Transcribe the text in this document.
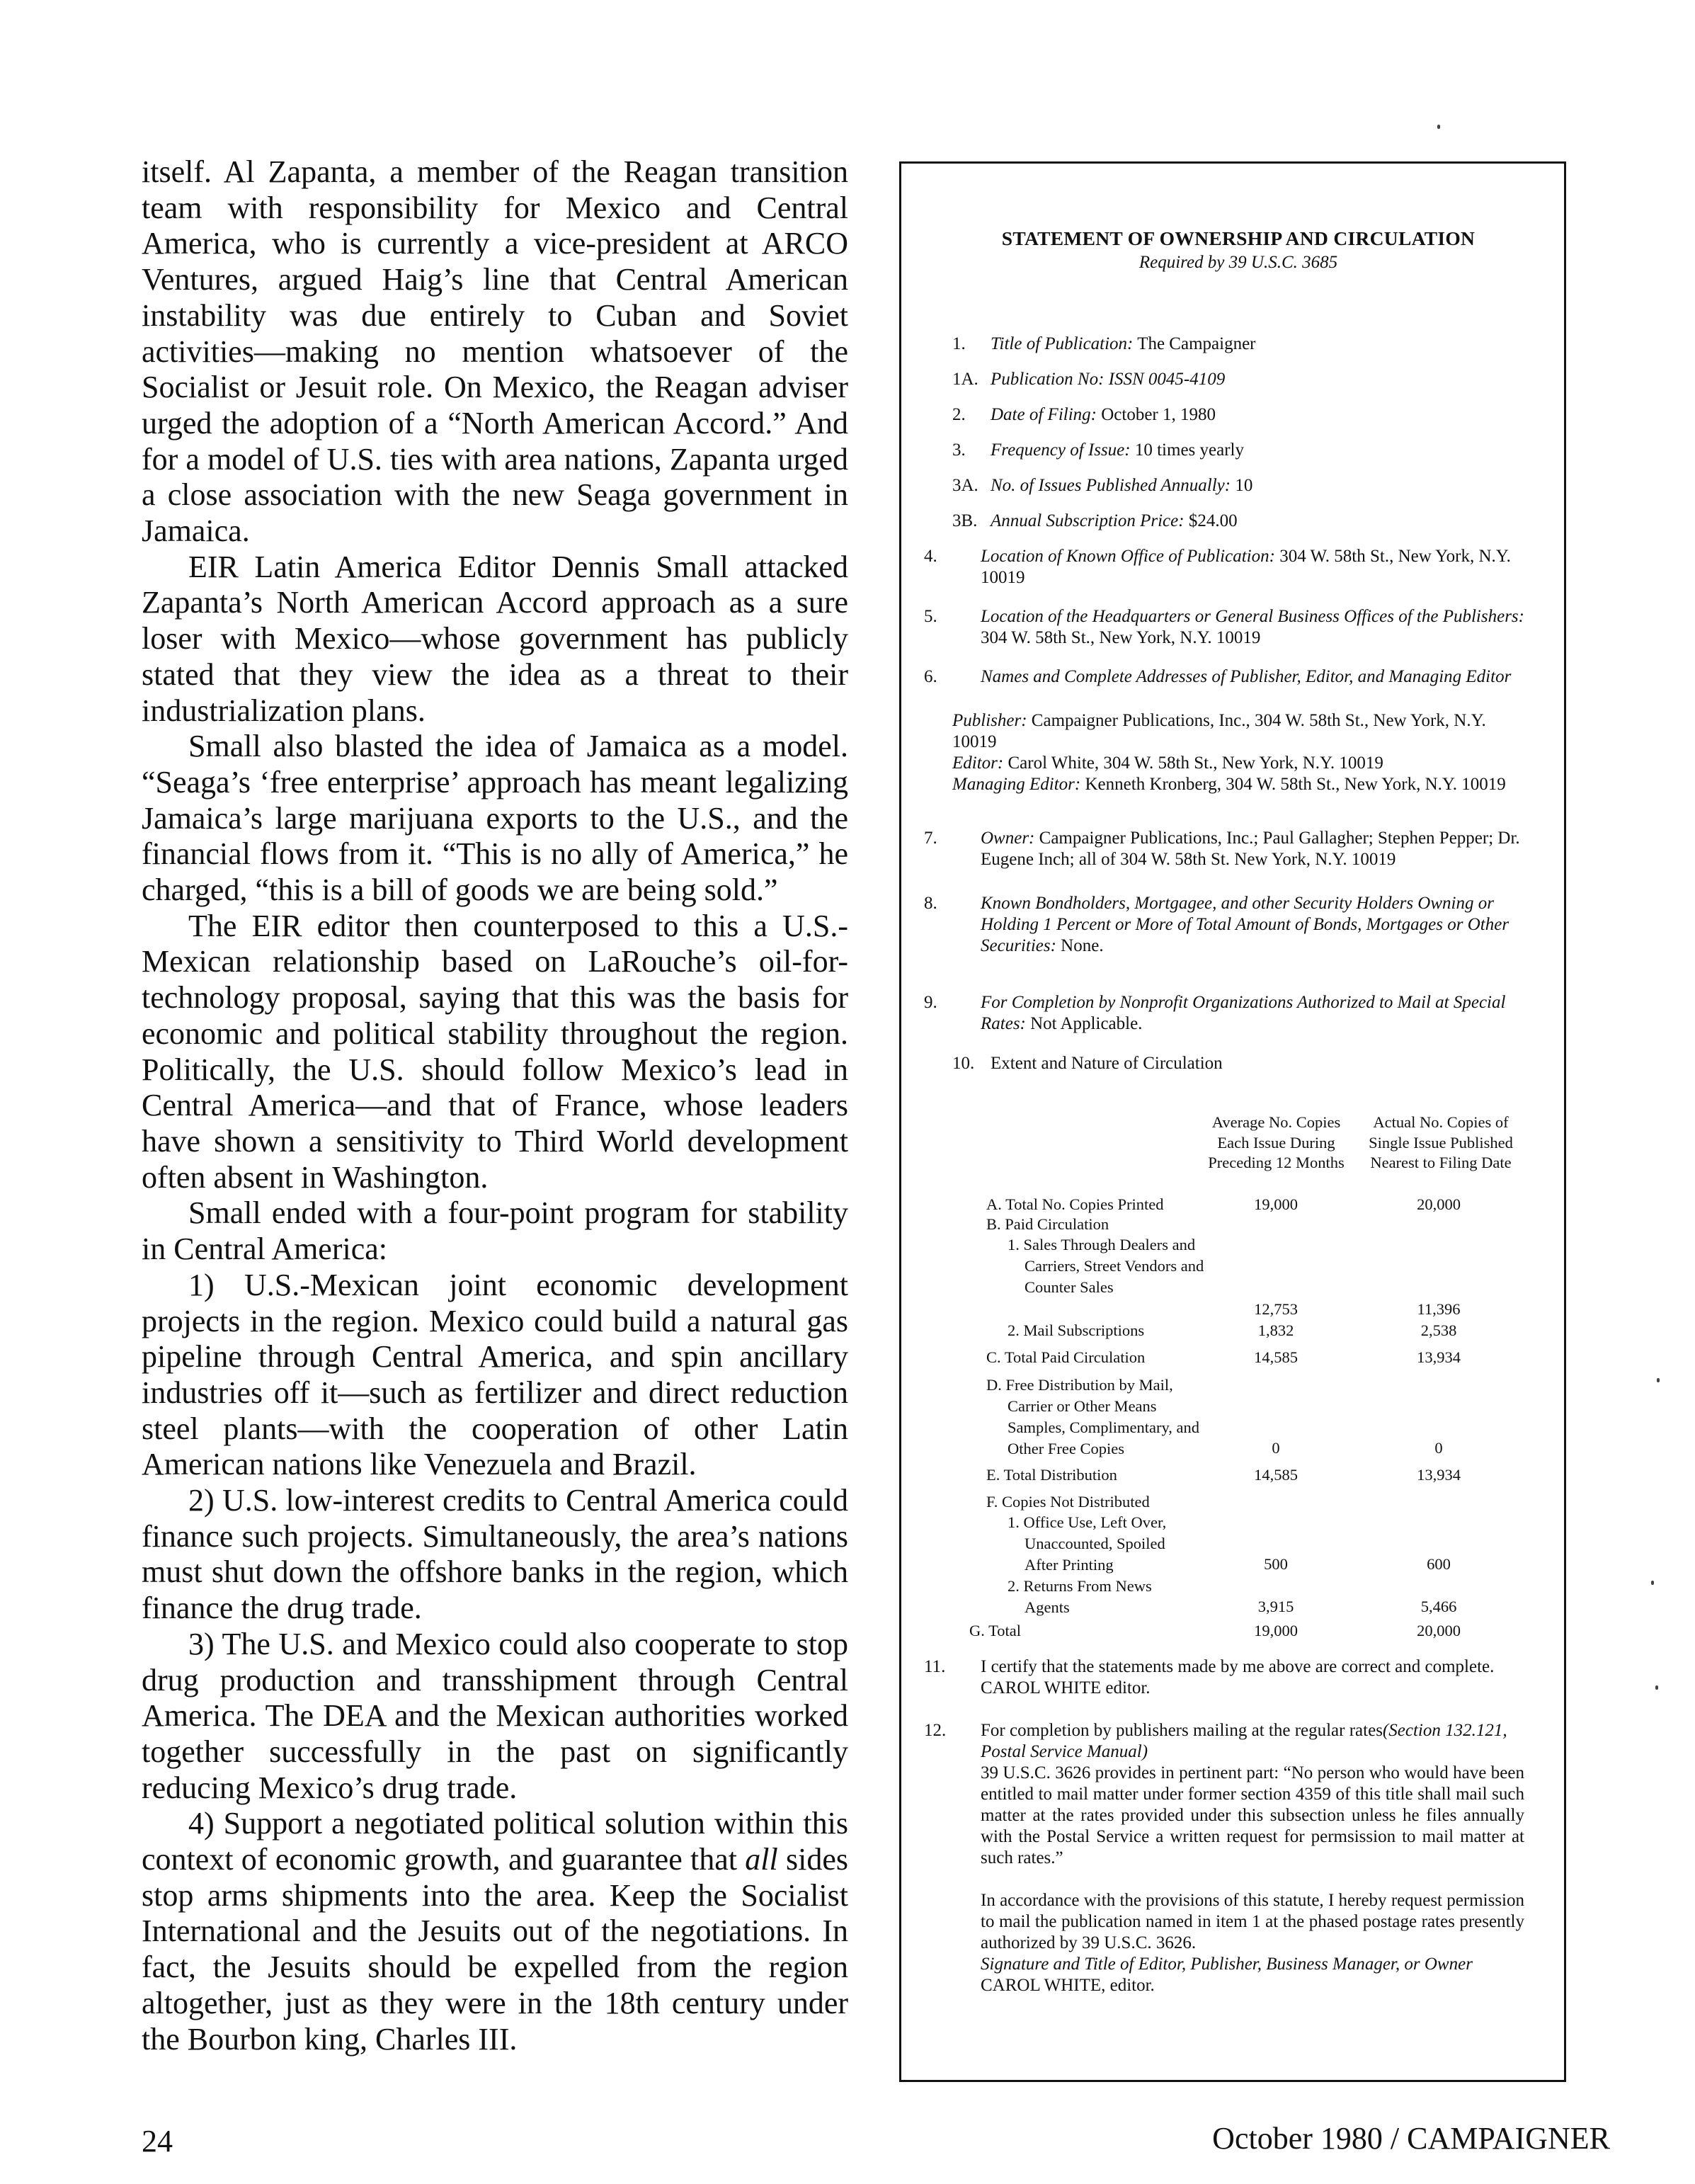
itself. Al Zapanta, a member of the Reagan transition team with responsibility for Mexico and Central America, who is currently a vice-president at ARCO Ventures, argued Haig’s line that Central American instability was due entirely to Cuban and Soviet activities—making no mention whatsoever of the Socialist or Jesuit role. On Mexico, the Reagan adviser urged the adoption of a “North American Accord.” And for a model of U.S. ties with area nations, Zapanta urged a close association with the new Seaga government in Jamaica.

EIR Latin America Editor Dennis Small attacked Zapanta’s North American Accord approach as a sure loser with Mexico—whose government has publicly stated that they view the idea as a threat to their industrialization plans.

Small also blasted the idea of Jamaica as a model. “Seaga’s ‘free enterprise’ approach has meant legalizing Jamaica’s large marijuana exports to the U.S., and the financial flows from it. “This is no ally of America,” he charged, “this is a bill of goods we are being sold.”

The EIR editor then counterposed to this a U.S.-Mexican relationship based on LaRouche’s oil-for-technology proposal, saying that this was the basis for economic and political stability throughout the region. Politically, the U.S. should follow Mexico’s lead in Central America—and that of France, whose leaders have shown a sensitivity to Third World development often absent in Washington.

Small ended with a four-point program for stability in Central America:

1) U.S.-Mexican joint economic development projects in the region. Mexico could build a natural gas pipeline through Central America, and spin ancillary industries off it—such as fertilizer and direct reduction steel plants—with the cooperation of other Latin American nations like Venezuela and Brazil.

2) U.S. low-interest credits to Central America could finance such projects. Simultaneously, the area’s nations must shut down the offshore banks in the region, which finance the drug trade.

3) The U.S. and Mexico could also cooperate to stop drug production and transshipment through Central America. The DEA and the Mexican authorities worked together successfully in the past on significantly reducing Mexico’s drug trade.

4) Support a negotiated political solution within this context of economic growth, and guarantee that all sides stop arms shipments into the area. Keep the Socialist International and the Jesuits out of the negotiations. In fact, the Jesuits should be expelled from the region altogether, just as they were in the 18th century under the Bourbon king, Charles III.

STATEMENT OF OWNERSHIP AND CIRCULATION
Required by 39 U.S.C. 3685
1. Title of Publication: The Campaigner
1A. Publication No: ISSN 0045-4109
2. Date of Filing: October 1, 1980
3. Frequency of Issue: 10 times yearly
3A. No. of Issues Published Annually: 10
3B. Annual Subscription Price: $24.00
4. Location of Known Office of Publication: 304 W. 58th St., New York, N.Y. 10019
5. Location of the Headquarters or General Business Offices of the Publishers: 304 W. 58th St., New York, N.Y. 10019
6. Names and Complete Addresses of Publisher, Editor, and Managing Editor
Publisher: Campaigner Publications, Inc., 304 W. 58th St., New York, N.Y. 10019
Editor: Carol White, 304 W. 58th St., New York, N.Y. 10019
Managing Editor: Kenneth Kronberg, 304 W. 58th St., New York, N.Y. 10019
7. Owner: Campaigner Publications, Inc.; Paul Gallagher; Stephen Pepper; Dr. Eugene Inch; all of 304 W. 58th St. New York, N.Y. 10019
8. Known Bondholders, Mortgagee, and other Security Holders Owning or Holding 1 Percent or More of Total Amount of Bonds, Mortgages or Other Securities: None.
9. For Completion by Nonprofit Organizations Authorized to Mail at Special Rates: Not Applicable.
10. Extent and Nature of Circulation
Average No. Copies Each Issue During Preceding 12 Months
Actual No. Copies of Single Issue Published Nearest to Filing Date
A. Total No. Copies Printed	19,000	20,000
B. Paid Circulation
1. Sales Through Dealers and Carriers, Street Vendors and Counter Sales
12,753	11,396
2. Mail Subscriptions	1,832	2,538
C. Total Paid Circulation	14,585	13,934
D. Free Distribution by Mail, Carrier or Other Means Samples, Complimentary, and Other Free Copies	0	0
E. Total Distribution	14,585	13,934
F. Copies Not Distributed
1. Office Use, Left Over, Unaccounted, Spoiled After Printing	500	600
2. Returns From News Agents	3,915	5,466
G. Total	19,000	20,000
11. I certify that the statements made by me above are correct and complete. CAROL WHITE editor.
12. For completion by publishers mailing at the regular rates(Section 132.121, Postal Service Manual)
39 U.S.C. 3626 provides in pertinent part: “No person who would have been entitled to mail matter under former section 4359 of this title shall mail such matter at the rates provided under this subsection unless he files annually with the Postal Service a written request for permsission to mail matter at such rates.”
In accordance with the provisions of this statute, I hereby request permission to mail the publication named in item 1 at the phased postage rates presently authorized by 39 U.S.C. 3626.
Signature and Title of Editor, Publisher, Business Manager, or Owner
CAROL WHITE, editor.
24	October 1980 / CAMPAIGNER
